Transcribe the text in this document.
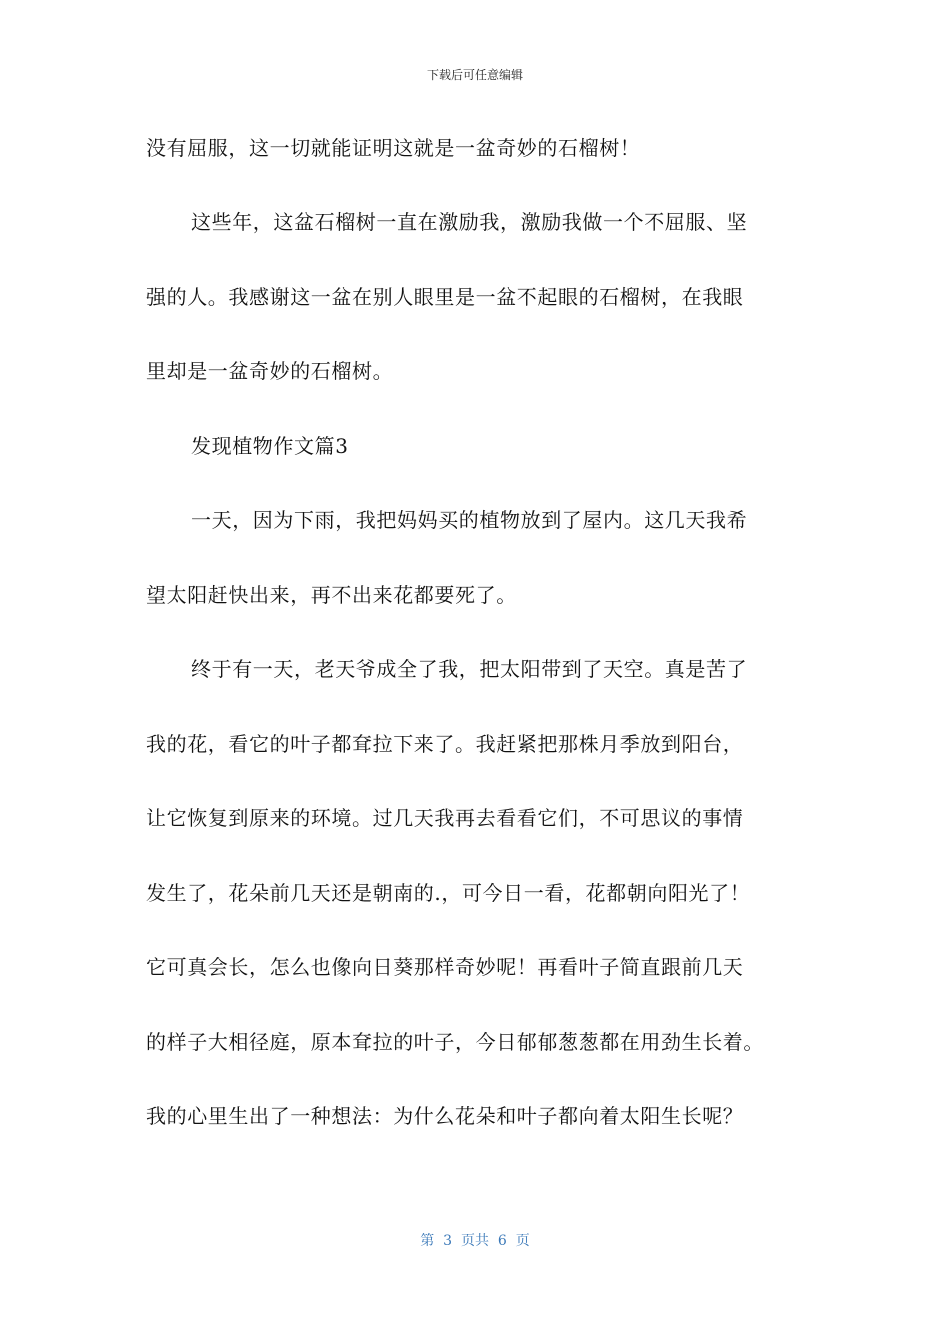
下载后可任意编辑
没有屈服，这一切就能证明这就是一盆奇妙的石榴树！
这些年，这盆石榴树一直在激励我，激励我做一个不屈服、坚
强的人。我感谢这一盆在别人眼里是一盆不起眼的石榴树，在我眼
里却是一盆奇妙的石榴树。
发现植物作文篇3
一天，因为下雨，我把妈妈买的植物放到了屋内。这几天我希
望太阳赶快出来，再不出来花都要死了。
终于有一天，老天爷成全了我，把太阳带到了天空。真是苦了
我的花，看它的叶子都耷拉下来了。我赶紧把那株月季放到阳台，
让它恢复到原来的环境。过几天我再去看看它们，不可思议的事情
发生了，花朵前几天还是朝南的.，可今日一看，花都朝向阳光了！
它可真会长，怎么也像向日葵那样奇妙呢！再看叶子简直跟前几天
的样子大相径庭，原本耷拉的叶子，今日郁郁葱葱都在用劲生长着。
我的心里生出了一种想法：为什么花朵和叶子都向着太阳生长呢？
第  3  页共  6  页
